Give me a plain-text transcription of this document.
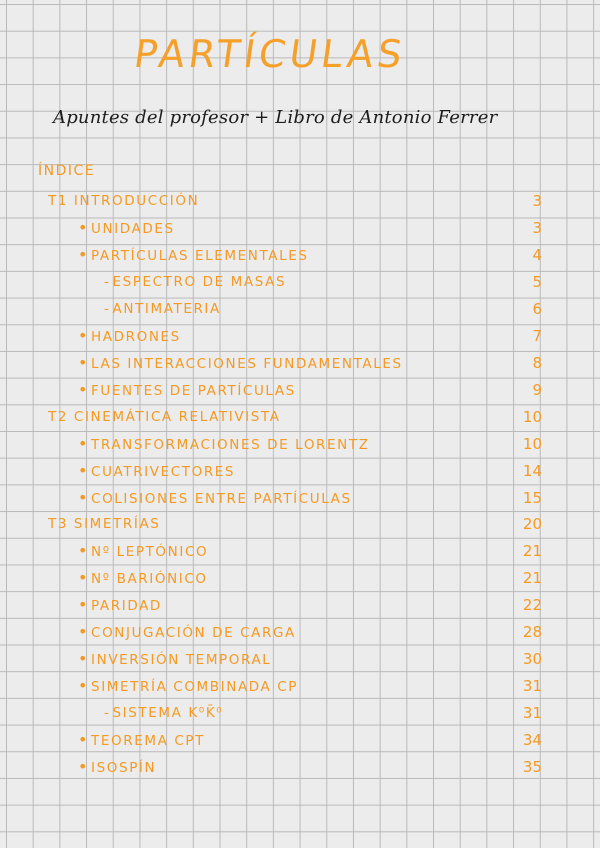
PARTÍCULAS
Apuntes del profesor + Libro de Antonio Ferrer
ÍNDICE
T1 INTRODUCCIÓN	3
• UNIDADES	3
• PARTÍCULAS ELEMENTALES	4
- ESPECTRO DE MASAS	5
- ANTIMATERIA	6
• HADRONES	7
• LAS INTERACCIONES FUNDAMENTALES	8
• FUENTES DE PARTÍCULAS	9
T2 CINEMÁTICA RELATIVISTA	10
• TRANSFORMACIONES DE LORENTZ	10
• CUATRIVECTORES	14
• COLISIONES ENTRE PARTÍCULAS	15
T3 SIMETRÍAS	20
• Nº LEPTÓNICO	21
• Nº BARIÓNICO	21
• PARIDAD	22
• CONJUGACIÓN DE CARGA	28
• INVERSIÓN TEMPORAL	30
• SIMETRÍA COMBINADA CP	31
- SISTEMA K⁰K̄⁰	31
• TEOREMA CPT	34
• ISOSPÍN	35
